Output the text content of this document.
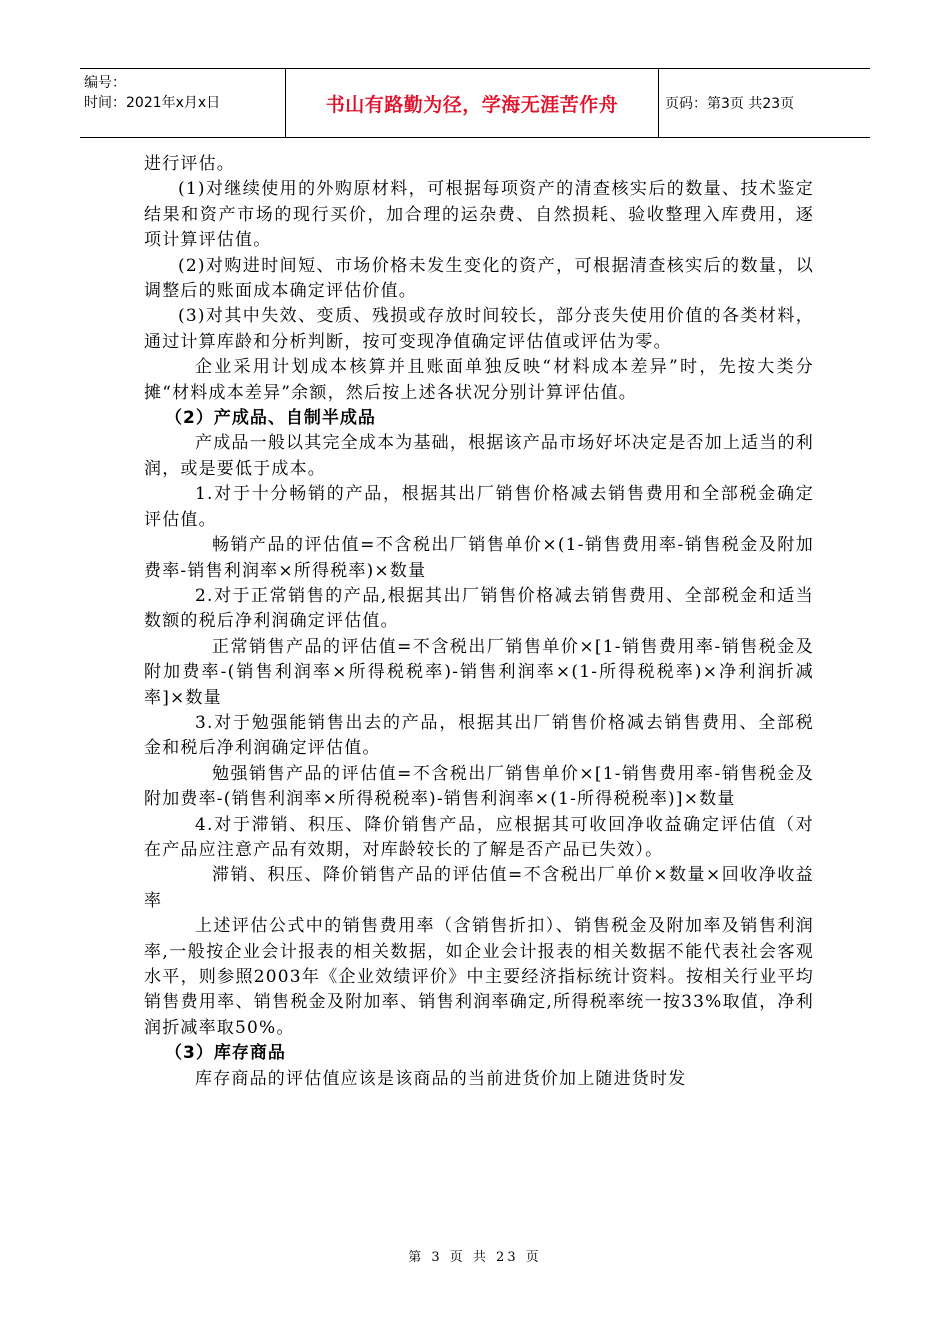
编号：
时间：2021年x月x日	书山有路勤为径，学海无涯苦作舟	页码：第3页 共23页

进行评估。

(1)对继续使用的外购原材料，可根据每项资产的清查核实后的数量、技术鉴定结果和资产市场的现行买价，加合理的运杂费、自然损耗、验收整理入库费用，逐项计算评估值。

(2)对购进时间短、市场价格未发生变化的资产，可根据清查核实后的数量，以调整后的账面成本确定评估价值。

(3)对其中失效、变质、残损或存放时间较长，部分丧失使用价值的各类材料，通过计算库龄和分析判断，按可变现净值确定评估值或评估为零。

企业采用计划成本核算并且账面单独反映“材料成本差异”时，先按大类分摊“材料成本差异”余额，然后按上述各状况分别计算评估值。

（2）产成品、自制半成品

产成品一般以其完全成本为基础，根据该产品市场好坏决定是否加上适当的利润，或是要低于成本。

1.对于十分畅销的产品，根据其出厂销售价格减去销售费用和全部税金确定评估值。

畅销产品的评估值=不含税出厂销售单价×(1-销售费用率-销售税金及附加费率-销售利润率×所得税率)×数量

2.对于正常销售的产品,根据其出厂销售价格减去销售费用、全部税金和适当数额的税后净利润确定评估值。

正常销售产品的评估值=不含税出厂销售单价×[1-销售费用率-销售税金及附加费率-(销售利润率×所得税税率)-销售利润率×(1-所得税税率)×净利润折减率]×数量

3.对于勉强能销售出去的产品，根据其出厂销售价格减去销售费用、全部税金和税后净利润确定评估值。

勉强销售产品的评估值=不含税出厂销售单价×[1-销售费用率-销售税金及附加费率-(销售利润率×所得税税率)-销售利润率×(1-所得税税率)]×数量

4.对于滞销、积压、降价销售产品，应根据其可收回净收益确定评估值（对在产品应注意产品有效期，对库龄较长的了解是否产品已失效）。

滞销、积压、降价销售产品的评估值=不含税出厂单价×数量×回收净收益率

上述评估公式中的销售费用率（含销售折扣）、销售税金及附加率及销售利润率,一般按企业会计报表的相关数据，如企业会计报表的相关数据不能代表社会客观水平，则参照2003年《企业效绩评价》中主要经济指标统计资料。按相关行业平均销售费用率、销售税金及附加率、销售利润率确定,所得税率统一按33%取值，净利润折减率取50%。

（3）库存商品

库存商品的评估值应该是该商品的当前进货价加上随进货时发

第 3 页 共 23 页
